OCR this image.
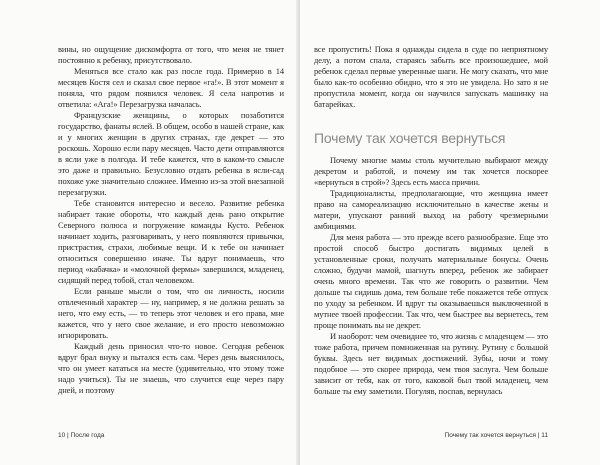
вины, но ощущение дискомфорта от того, что меня не тянет постоянно к ребенку, присутствовало.

Меняться все стало как раз после года. Примерно в 14 месяцев Костя сел и сказал свое первое «га!». В этот момент я поняла, что рядом появился человек. Я села напротив и ответила: «Ага!» Перезагрузка началась.

Французские женщины, о которых позаботится государство, фанаты яслей. В общем, особо в нашей стране, как и у многих женщин в других странах, где декрет — это роскошь. Хорошо если пару месяцев. Часто дети отправляются в ясли уже в полгода. И тебе кажется, что в каком-то смысле это даже и правильно. Безусловно отдать ребенка в ясли-сад похоже уже значительно сложнее. Именно из-за этой внезапной перезагрузки.

Тебе становится интересно и весело. Развитие ребенка набирает такие обороты, что каждый день рано открытие Северного полюса и погружение команды Кусто. Ребенок начинает ходить, разговаривать, у него появляются привычки, пристрастия, страхи, любимые вещи. И к тебе он начинает относиться совершенно иначе. Ты вдруг понимаешь, что период «кабачка» и «молочной фермы» завершился, младенец, сидящий перед тобой, стал человеком.

Если раньше мысли о том, что он личность, носили отвлеченный характер — ну, например, я не должна решать за него, что ему есть, — то теперь этот человек и его права, мне кажется, что у него свое желание, и его просто невозможно игнорировать.

Каждый день приносил что-то новое. Сегодня ребенок вдруг брал внуку и пытался есть сам. Через день выяснилось, что он умеет кататься на месте (удивительно, что этому тоже надо учиться). Ты не знаешь, что случится еще через пару дней, и поэтому

10 | После года

все пропустить! Пока я однажды сидела в суде по неприятному делу, а потом спала, стараясь забыть все произошедшее, мой ребенок сделал первые уверенные шаги. Не могу сказать, что мне было как-то особенно обидно, что я это не увидела. Но зато я не пропустила момент, когда он научился запускать машинку на батарейках.

Почему так хочется вернуться

Почему многие мамы столь мучительно выбирают между декретом и работой, и почему им так хочется поскорее «вернуться в строй»? Здесь есть масса причин.

Традиционалисты, предполагающие, что женщина имеет право на самореализацию исключительно в качестве жены и матери, упускают ранний выход на работу чрезмерными амбициями.

Для меня работа — это прежде всего разнообразие. Еще это простой способ быстро достигать видимых целей в установленные сроки, получать материальные бонусы. Очень сложно, будучи мамой, шагнуть вперед, ребенок же забирает очень много времени. Так что же говорить о развитии. Чем дольше ты сидишь дома, тем больше тебе покажется тебе отпуск по уходу за ребенком. И вдруг ты оказываешься выключенной в мутнее твоей профессии. Так что, чем быстрее вы вернетесь, тем проще понимать вы не декрет.

И наоборот: чем очевиднее то, что жизнь с младенцем — это тоже работа, причем помноженная на рутину. Рутину с большой буквы. Здесь нет видимых достижений. Зубы, ночи и тому подобное — это скорее природа, чем твоя заслуга. Чем больше зависит от тебя, как от того, каковой был твой младенец, чем больше ты ему заметили. Погуляв, поспав, вернулась

Почему так хочется вернуться | 11
